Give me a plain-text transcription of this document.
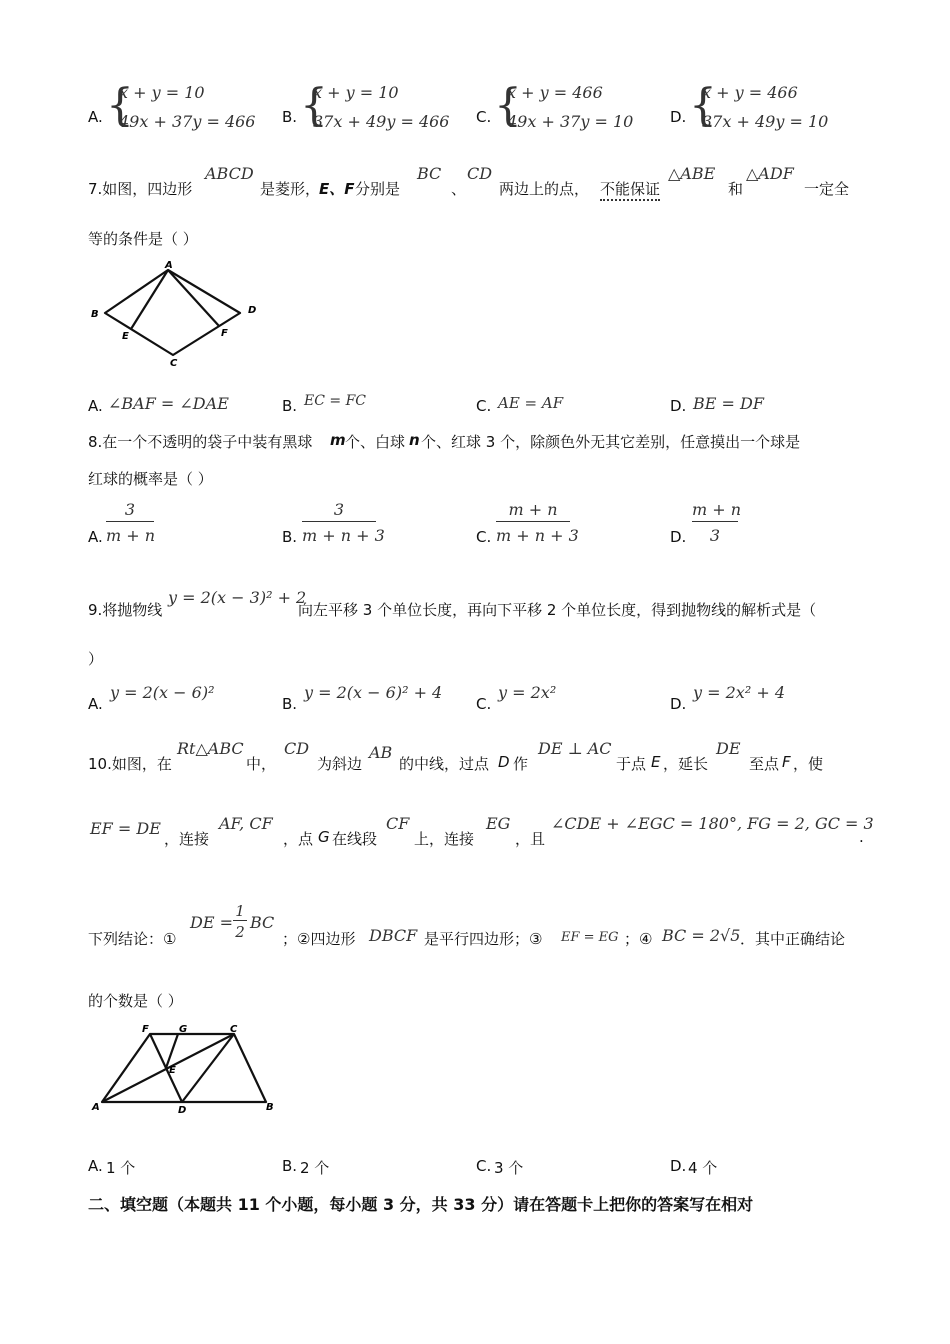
A. {
x + y = 10
49x + 37y = 466 B. {
x + y = 10
37x + 49y = 466 C. {
x + y = 466
49x + 37y = 10 D. {
x + y = 466
37x + 49y = 10
7.如图，四边形
ABCD
是菱形，
E、F 分别是
BC
、
CD
两边上的点， 不能保证
△ABE
和
△ADF
一定全
等的条件是（ ）
A
B
C
D
E	F
A. ∠BAF = ∠DAE	B. EC = FC	C. AE = AF	D. BE = DF
8.在一个不透明的袋子中装有黑球 m 个、白球 n 个、红球 3 个，除颜色外无其它差别，任意摸出一个球是
红球的概率是（ ）
A. $\frac{3}{m + n}$	B. $\frac{3}{m + n + 3}$	C. $\frac{m + n}{m + n + 3}$	D. $\frac{m + n}{3}$
9.将抛物线
y = 2(x − 3)² + 2
向左平移 3 个单位长度，再向下平移 2 个单位长度，得到抛物线的解析式是（
）
A.
y = 2(x − 6)²
B.
y = 2(x − 6)² + 4
C.
y = 2x²
D.
y = 2x² + 4
10.如图，在
Rt△ABC
中，
CD
为斜边
AB
的中线，过点 D 作
DE ⊥ AC
于点 E ，延长
DE
至点 F ，使
EF = DE
，连接
AF, CF
，点 G 在线段
CF
上，连接
EG
，且
∠CDE + ∠EGC = 180°, FG = 2, GC = 3
.
下列结论：①
DE = $\frac{1}{2}$ BC
；②四边形 DBCF 是平行四边形；③ EF = EG ；④ BC = 2√5 ．其中正确结论
的个数是（ ）
F	G	C
E
A	D	B
A. 1 个	B. 2 个	C. 3 个	D. 4 个
二、填空题（本题共 11 个小题，每小题 3 分，共 33 分）请在答题卡上把你的答案写在相对
